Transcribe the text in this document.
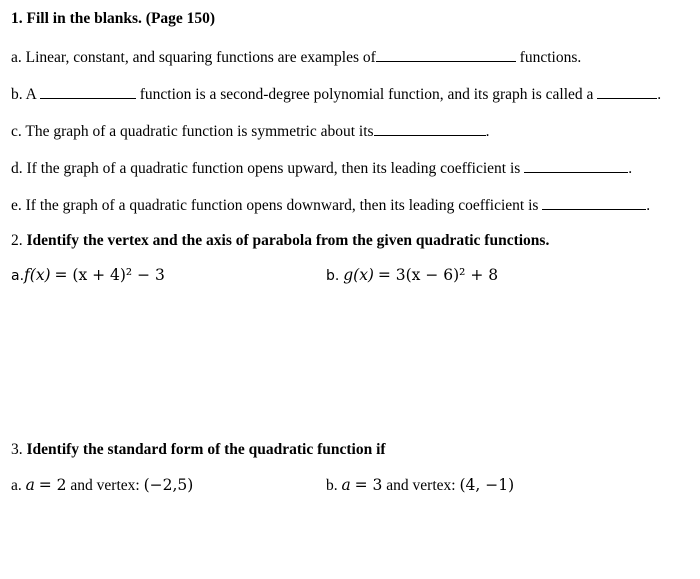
1. Fill in the blanks. (Page 150)
a. Linear, constant, and squaring functions are examples of	functions.
b. A	function is a second-degree polynomial function, and its graph is called a	.
c. The graph of a quadratic function is symmetric about its	.
d. If the graph of a quadratic function opens upward, then its leading coefficient is	.
e. If the graph of a quadratic function opens downward, then its leading coefficient is	.
2. Identify the vertex and the axis of parabola from the given quadratic functions.
a.f(x) = (x + 4)² − 3	b. g(x) = 3(x − 6)² + 8
3. Identify the standard form of the quadratic function if
a. a = 2 and vertex: (−2,5)	b. a = 3 and vertex: (4, −1)
